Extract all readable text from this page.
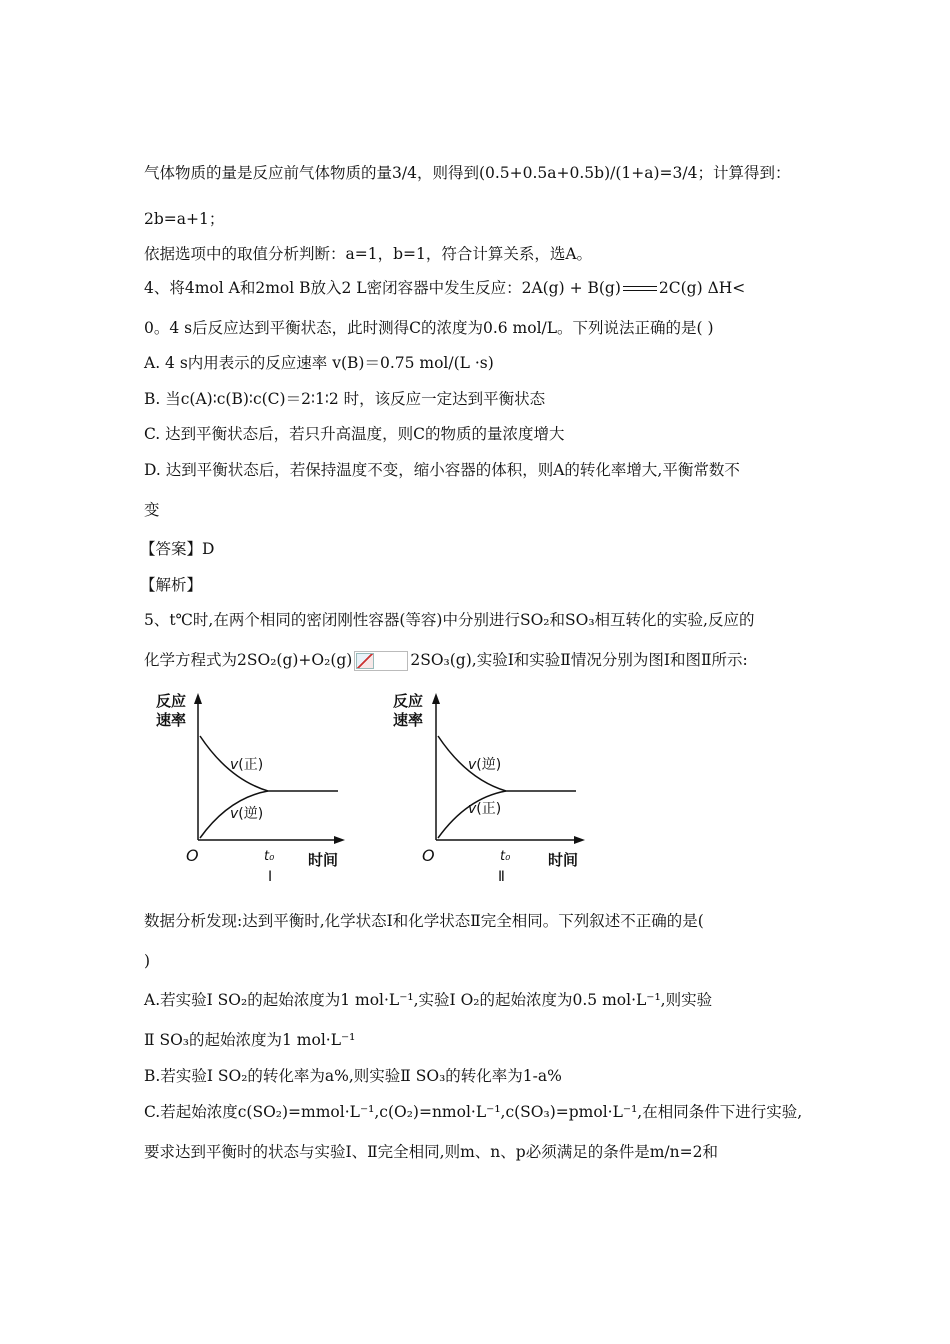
气体物质的量是反应前气体物质的量3/4，则得到(0.5+0.5a+0.5b)/(1+a)=3/4；计算得到：
2b=a+1；
依据选项中的取值分析判断：a=1，b=1，符合计算关系，选A。
4、将4mol A和2mol B放入2 L密闭容器中发生反应：2A(g) + B(g) 2C(g) ΔH<
0。4 s后反应达到平衡状态，此时测得C的浓度为0.6 mol/L。下列说法正确的是( )
A. 4 s内用表示的反应速率 v(B)＝0.75 mol/(L ·s)
B. 当c(A)∶c(B)∶c(C)＝2∶1∶2 时，该反应一定达到平衡状态
C. 达到平衡状态后，若只升高温度，则C的物质的量浓度增大
D. 达到平衡状态后，若保持温度不变，缩小容器的体积，则A的转化率增大,平衡常数不
变
【答案】D
【解析】
5、t℃时,在两个相同的密闭刚性容器(等容)中分别进行SO₂和SO₃相互转化的实验,反应的
化学方程式为2SO₂(g)+O₂(g)	2SO₃(g),实验Ⅰ和实验Ⅱ情况分别为图Ⅰ和图Ⅱ所示:
反应
速率
v(正)
v(逆)
O	t₀ 时间
Ⅰ
反应
速率
v(逆)
v(正)
O	t₀	时间
Ⅱ
数据分析发现:达到平衡时,化学状态Ⅰ和化学状态Ⅱ完全相同。下列叙述不正确的是(
)
A.若实验Ⅰ SO₂的起始浓度为1 mol·L⁻¹,实验Ⅰ O₂的起始浓度为0.5 mol·L⁻¹,则实验
Ⅱ SO₃的起始浓度为1 mol·L⁻¹
B.若实验Ⅰ SO₂的转化率为a%,则实验Ⅱ SO₃的转化率为1-a%
C.若起始浓度c(SO₂)=mmol·L⁻¹,c(O₂)=nmol·L⁻¹,c(SO₃)=pmol·L⁻¹,在相同条件下进行实验,
要求达到平衡时的状态与实验Ⅰ、Ⅱ完全相同,则m、n、p必须满足的条件是m/n=2和
